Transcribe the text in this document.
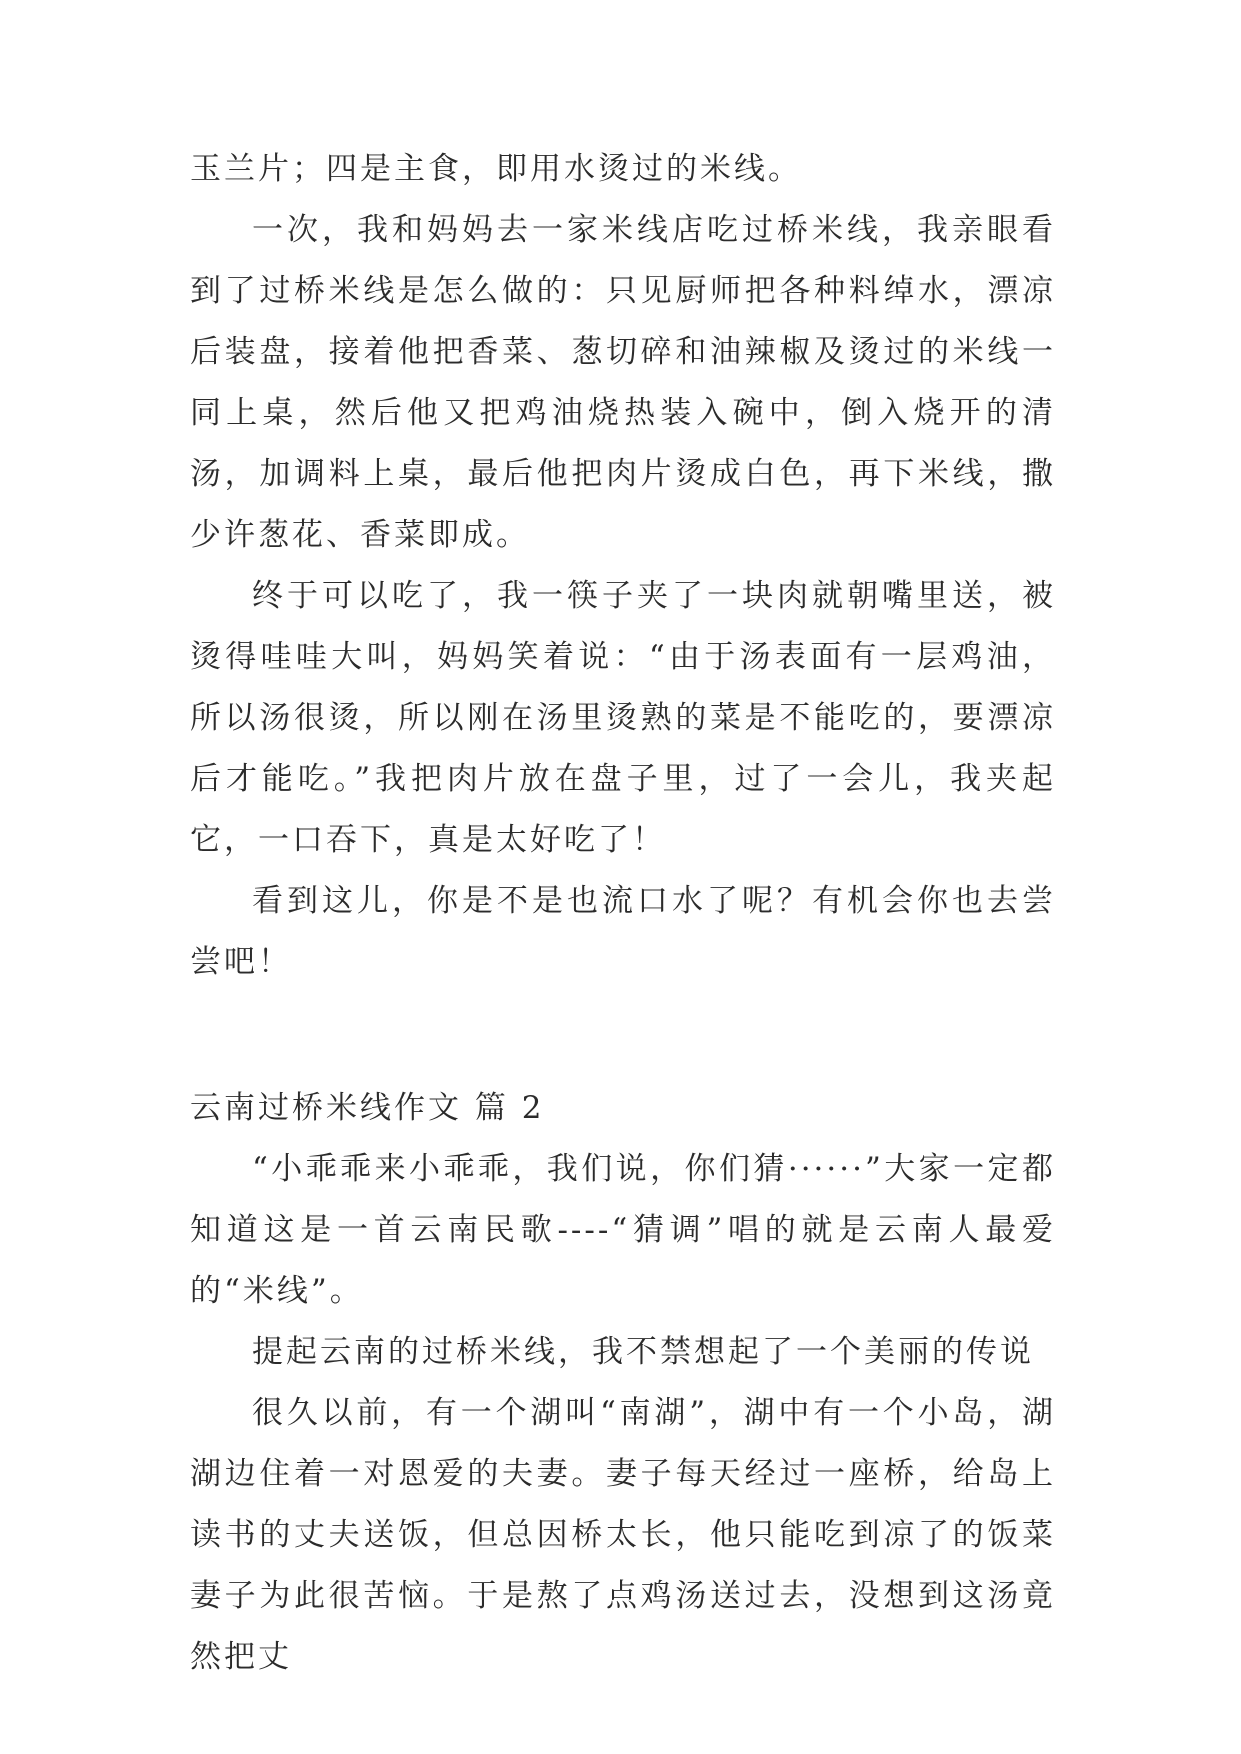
玉兰片；四是主食，即用水烫过的米线。

一次，我和妈妈去一家米线店吃过桥米线，我亲眼看到了过桥米线是怎么做的：只见厨师把各种料绰水，漂凉后装盘，接着他把香菜、葱切碎和油辣椒及烫过的米线一同上桌，然后他又把鸡油烧热装入碗中，倒入烧开的清汤，加调料上桌，最后他把肉片烫成白色，再下米线，撒少许葱花、香菜即成。

终于可以吃了，我一筷子夹了一块肉就朝嘴里送，被烫得哇哇大叫，妈妈笑着说：“由于汤表面有一层鸡油，所以汤很烫，所以刚在汤里烫熟的菜是不能吃的，要漂凉后才能吃。”我把肉片放在盘子里，过了一会儿，我夹起它，一口吞下，真是太好吃了！

看到这儿，你是不是也流口水了呢？有机会你也去尝尝吧！

云南过桥米线作文 篇 2

“小乖乖来小乖乖，我们说，你们猜······”大家一定都知道这是一首云南民歌----“猜调”唱的就是云南人最爱的“米线”。

提起云南的过桥米线，我不禁想起了一个美丽的传说

很久以前，有一个湖叫“南湖”，湖中有一个小岛，湖湖边住着一对恩爱的夫妻。妻子每天经过一座桥，给岛上读书的丈夫送饭，但总因桥太长，他只能吃到凉了的饭菜妻子为此很苦恼。于是熬了点鸡汤送过去，没想到这汤竟然把丈
